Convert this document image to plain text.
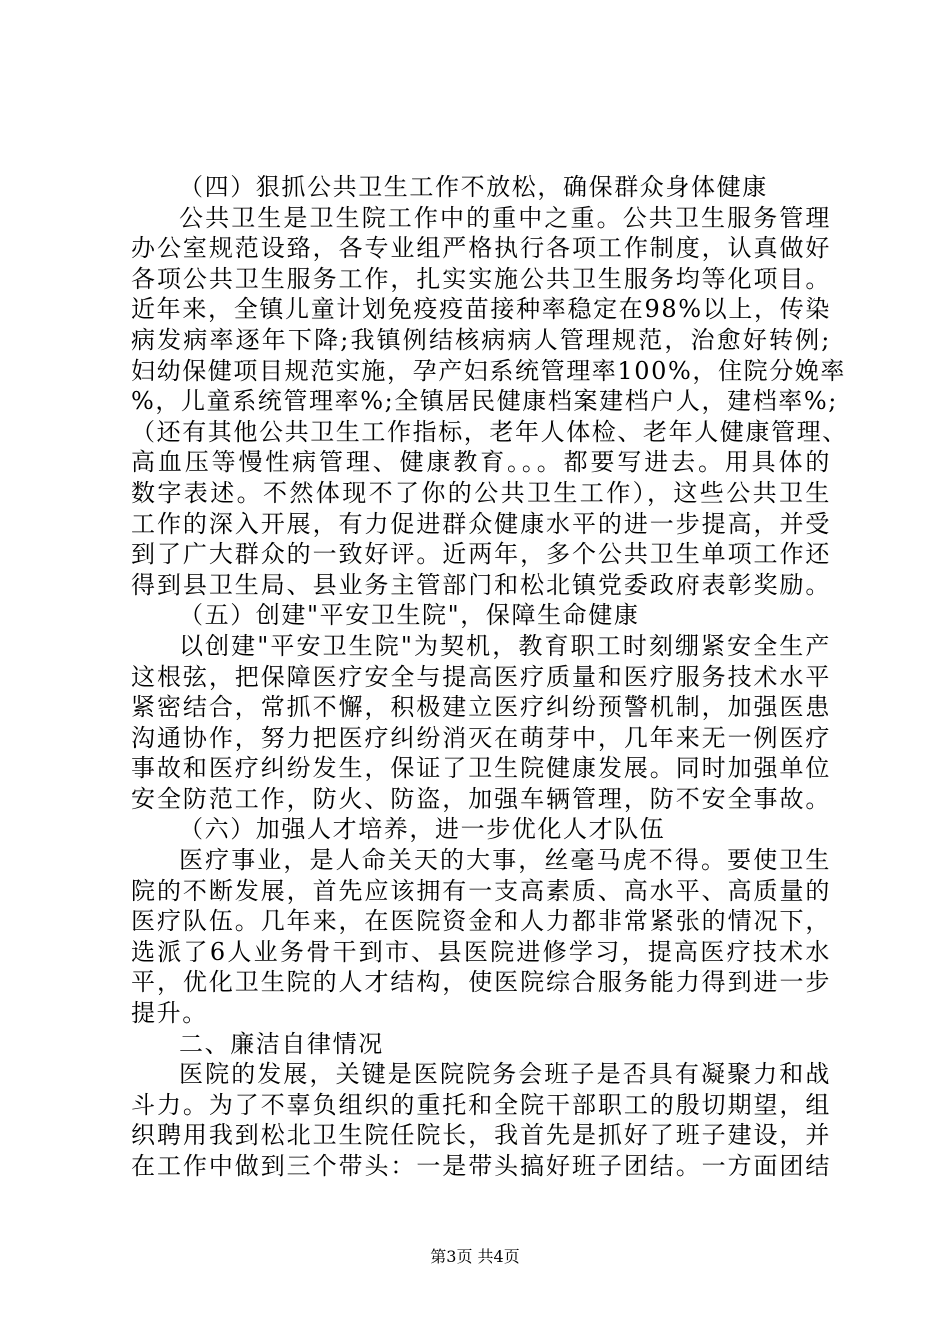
（四）狠抓公共卫生工作不放松，确保群众身体健康
公共卫生是卫生院工作中的重中之重。公共卫生服务管理
办公室规范设臵，各专业组严格执行各项工作制度，认真做好
各项公共卫生服务工作，扎实实施公共卫生服务均等化项目。
近年来，全镇儿童计划免疫疫苗接种率稳定在98%以上，传染
病发病率逐年下降;我镇例结核病病人管理规范，治愈好转例;
妇幼保健项目规范实施，孕产妇系统管理率100%，住院分娩率
%，儿童系统管理率%;全镇居民健康档案建档户人，建档率%;
（还有其他公共卫生工作指标，老年人体检、老年人健康管理、
高血压等慢性病管理、健康教育。。。都要写进去。用具体的
数字表述。不然体现不了你的公共卫生工作），这些公共卫生
工作的深入开展，有力促进群众健康水平的进一步提高，并受
到了广大群众的一致好评。近两年，多个公共卫生单项工作还
得到县卫生局、县业务主管部门和松北镇党委政府表彰奖励。
（五）创建"平安卫生院"，保障生命健康
以创建"平安卫生院"为契机，教育职工时刻绷紧安全生产
这根弦，把保障医疗安全与提高医疗质量和医疗服务技术水平
紧密结合，常抓不懈，积极建立医疗纠纷预警机制，加强医患
沟通协作，努力把医疗纠纷消灭在萌芽中，几年来无一例医疗
事故和医疗纠纷发生，保证了卫生院健康发展。同时加强单位
安全防范工作，防火、防盗，加强车辆管理，防不安全事故。
（六）加强人才培养，进一步优化人才队伍
医疗事业，是人命关天的大事，丝毫马虎不得。要使卫生
院的不断发展，首先应该拥有一支高素质、高水平、高质量的
医疗队伍。几年来，在医院资金和人力都非常紧张的情况下，
选派了6人业务骨干到市、县医院进修学习，提高医疗技术水
平，优化卫生院的人才结构，使医院综合服务能力得到进一步
提升。
二、廉洁自律情况
医院的发展，关键是医院院务会班子是否具有凝聚力和战
斗力。为了不辜负组织的重托和全院干部职工的殷切期望，组
织聘用我到松北卫生院任院长，我首先是抓好了班子建设，并
在工作中做到三个带头：一是带头搞好班子团结。一方面团结
第3页 共4页
